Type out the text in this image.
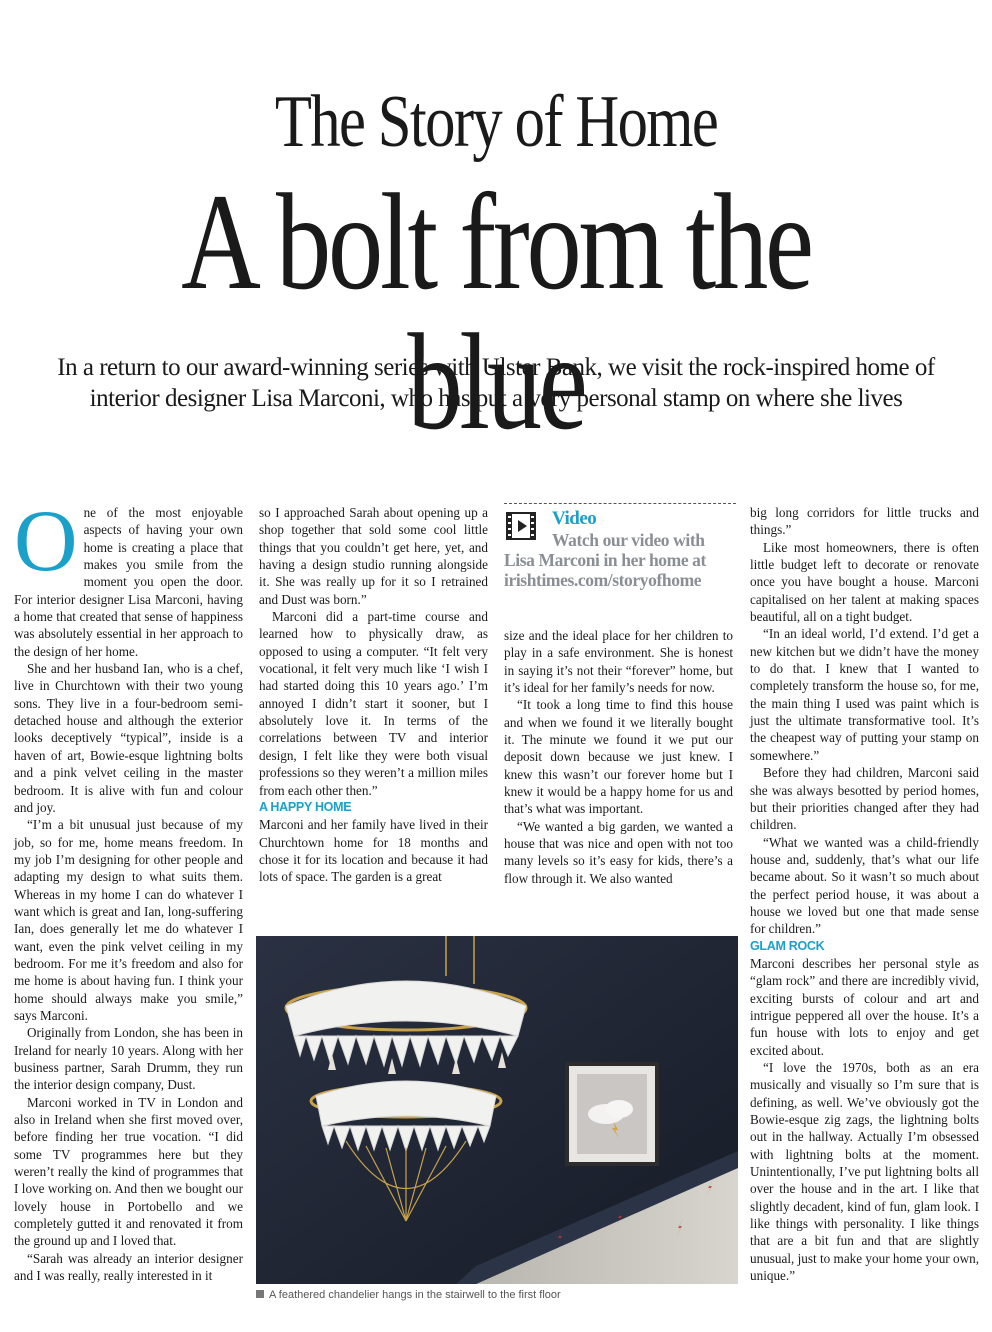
The Story of Home
A bolt from the blue
In a return to our award-winning series with Ulster Bank, we visit the rock-inspired home of interior designer Lisa Marconi, who has put a very personal stamp on where she lives
O ne of the most enjoyable aspects of having your own home is creating a place that makes you smile from the moment you open the door. For interior designer Lisa Marconi, having a home that created that sense of happiness was absolutely essential in her approach to the design of her home.

She and her husband Ian, who is a chef, live in Churchtown with their two young sons. They live in a four-bedroom semi-detached house and although the exterior looks deceptively “typical”, inside is a haven of art, Bowie-esque lightning bolts and a pink velvet ceiling in the master bedroom. It is alive with fun and colour and joy.

“I’m a bit unusual just because of my job, so for me, home means freedom. In my job I’m designing for other people and adapting my design to what suits them. Whereas in my home I can do whatever I want which is great and Ian, long-suffering Ian, does generally let me do whatever I want, even the pink velvet ceiling in my bedroom. For me it’s freedom and also for me home is about having fun. I think your home should always make you smile,” says Marconi.

Originally from London, she has been in Ireland for nearly 10 years. Along with her business partner, Sarah Drumm, they run the interior design company, Dust.

Marconi worked in TV in London and also in Ireland when she first moved over, before finding her true vocation. “I did some TV programmes here but they weren’t really the kind of programmes that I love working on. And then we bought our lovely house in Portobello and we completely gutted it and renovated it from the ground up and I loved that.

“Sarah was already an interior designer and I was really, really interested in it

so I approached Sarah about opening up a shop together that sold some cool little things that you couldn’t get here, yet, and having a design studio running alongside it. She was really up for it so I retrained and Dust was born.”

Marconi did a part-time course and learned how to physically draw, as opposed to using a computer. “It felt very vocational, it felt very much like ‘I wish I had started doing this 10 years ago.’ I’m annoyed I didn’t start it sooner, but I absolutely love it. In terms of the correlations between TV and interior design, I felt like they were both visual professions so they weren’t a million miles from each other then.”

A HAPPY HOME

Marconi and her family have lived in their Churchtown home for 18 months and chose it for its location and because it had lots of space. The garden is a great

Video
Watch our video with
Lisa Marconi in her home at
irishtimes.com/storyofhome

size and the ideal place for her children to play in a safe environment. She is honest in saying it’s not their “forever” home, but it’s ideal for her family’s needs for now.

“It took a long time to find this house and when we found it we literally bought it. The minute we found it we put our deposit down because we just knew. I knew this wasn’t our forever home but I knew it would be a happy home for us and that’s what was important.

“We wanted a big garden, we wanted a house that was nice and open with not too many levels so it’s easy for kids, there’s a flow through it. We also wanted

big long corridors for little trucks and things.”

Like most homeowners, there is often little budget left to decorate or renovate once you have bought a house. Marconi capitalised on her talent at making spaces beautiful, all on a tight budget.

“In an ideal world, I’d extend. I’d get a new kitchen but we didn’t have the money to do that. I knew that I wanted to completely transform the house so, for me, the main thing I used was paint which is just the ultimate transformative tool. It’s the cheapest way of putting your stamp on somewhere.”

Before they had children, Marconi said she was always besotted by period homes, but their priorities changed after they had children.

“What we wanted was a child-friendly house and, suddenly, that’s what our life became about. So it wasn’t so much about the perfect period house, it was about a house we loved but one that made sense for children.”

GLAM ROCK

Marconi describes her personal style as “glam rock” and there are incredibly vivid, exciting bursts of colour and art and intrigue peppered all over the house. It’s a fun house with lots to enjoy and get excited about.

“I love the 1970s, both as an era musically and visually so I’m sure that is defining, as well. We’ve obviously got the Bowie-esque zig zags, the lightning bolts out in the hallway. Actually I’m obsessed with lightning bolts at the moment. Unintentionally, I’ve put lightning bolts all over the house and in the art. I like that slightly decadent, kind of fun, glam look. I like things with personality. I like things that are a bit fun and that are slightly unusual, just to make your home your own, unique.”

A feathered chandelier hangs in the stairwell to the first floor
